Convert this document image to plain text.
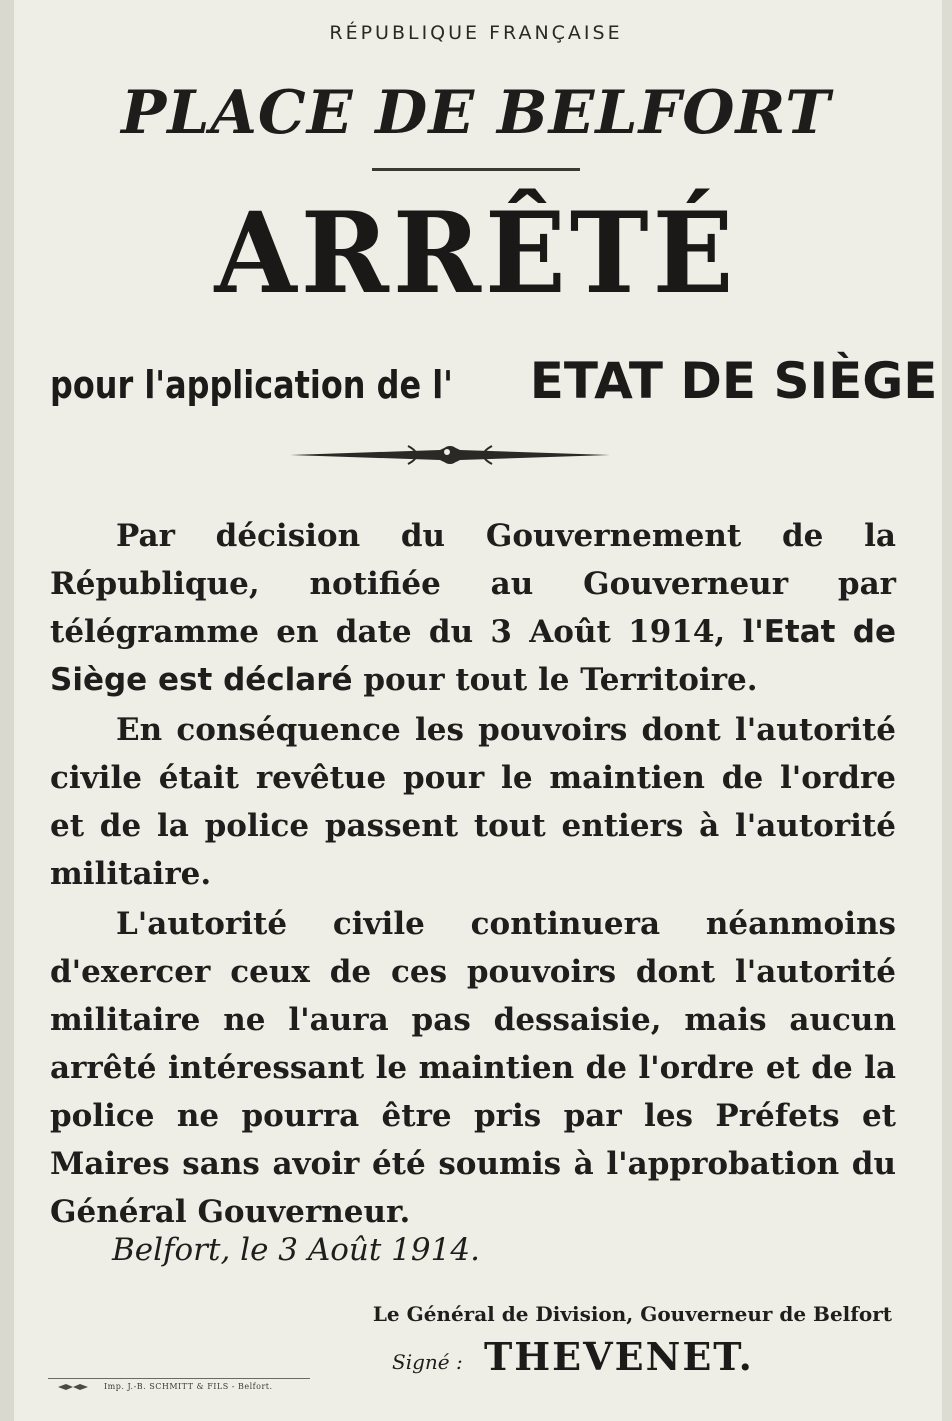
RÉPUBLIQUE FRANÇAISE
PLACE DE BELFORT
ARRÊTÉ
pour l'application de l' ETAT DE SIÈGE

Par décision du Gouvernement de la République, notifiée au Gouverneur par télégramme en date du 3 Août 1914, l'Etat de Siège est déclaré pour tout le Territoire.

En conséquence les pouvoirs dont l'autorité civile était revêtue pour le maintien de l'ordre et de la police passent tout entiers à l'autorité militaire.

L'autorité civile continuera néanmoins d'exercer ceux de ces pouvoirs dont l'autorité militaire ne l'aura pas dessaisie, mais aucun arrêté intéressant le maintien de l'ordre et de la police ne pourra être pris par les Préfets et Maires sans avoir été soumis à l'approbation du Général Gouverneur.

Belfort, le 3 Août 1914.
Le Général de Division, Gouverneur de Belfort
Signé : THEVENET.
Imp. J.-B. SCHMITT & FILS - Belfort.
